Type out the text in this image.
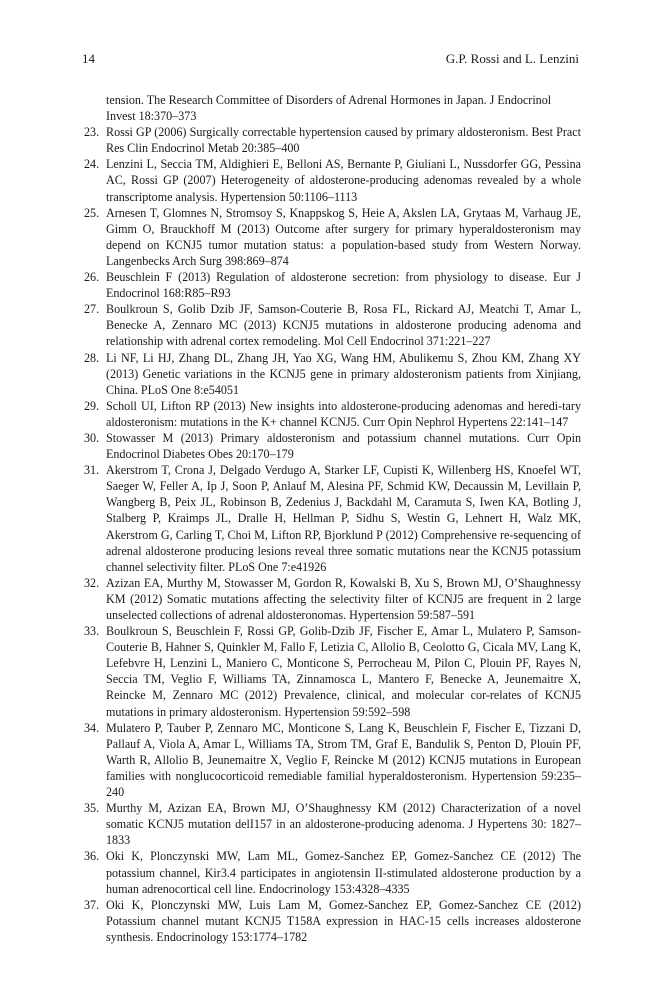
14	G.P. Rossi and L. Lenzini
tension. The Research Committee of Disorders of Adrenal Hormones in Japan. J Endocrinol Invest 18:370–373
23. Rossi GP (2006) Surgically correctable hypertension caused by primary aldosteronism. Best Pract Res Clin Endocrinol Metab 20:385–400
24. Lenzini L, Seccia TM, Aldighieri E, Belloni AS, Bernante P, Giuliani L, Nussdorfer GG, Pessina AC, Rossi GP (2007) Heterogeneity of aldosterone-producing adenomas revealed by a whole transcriptome analysis. Hypertension 50:1106–1113
25. Arnesen T, Glomnes N, Stromsoy S, Knappskog S, Heie A, Akslen LA, Grytaas M, Varhaug JE, Gimm O, Brauckhoff M (2013) Outcome after surgery for primary hyperaldosteronism may depend on KCNJ5 tumor mutation status: a population-based study from Western Norway. Langenbecks Arch Surg 398:869–874
26. Beuschlein F (2013) Regulation of aldosterone secretion: from physiology to disease. Eur J Endocrinol 168:R85–R93
27. Boulkroun S, Golib Dzib JF, Samson-Couterie B, Rosa FL, Rickard AJ, Meatchi T, Amar L, Benecke A, Zennaro MC (2013) KCNJ5 mutations in aldosterone producing adenoma and relationship with adrenal cortex remodeling. Mol Cell Endocrinol 371:221–227
28. Li NF, Li HJ, Zhang DL, Zhang JH, Yao XG, Wang HM, Abulikemu S, Zhou KM, Zhang XY (2013) Genetic variations in the KCNJ5 gene in primary aldosteronism patients from Xinjiang, China. PLoS One 8:e54051
29. Scholl UI, Lifton RP (2013) New insights into aldosterone-producing adenomas and heredi-tary aldosteronism: mutations in the K+ channel KCNJ5. Curr Opin Nephrol Hypertens 22:141–147
30. Stowasser M (2013) Primary aldosteronism and potassium channel mutations. Curr Opin Endocrinol Diabetes Obes 20:170–179
31. Akerstrom T, Crona J, Delgado Verdugo A, Starker LF, Cupisti K, Willenberg HS, Knoefel WT, Saeger W, Feller A, Ip J, Soon P, Anlauf M, Alesina PF, Schmid KW, Decaussin M, Levillain P, Wangberg B, Peix JL, Robinson B, Zedenius J, Backdahl M, Caramuta S, Iwen KA, Botling J, Stalberg P, Kraimps JL, Dralle H, Hellman P, Sidhu S, Westin G, Lehnert H, Walz MK, Akerstrom G, Carling T, Choi M, Lifton RP, Bjorklund P (2012) Comprehensive re-sequencing of adrenal aldosterone producing lesions reveal three somatic mutations near the KCNJ5 potassium channel selectivity filter. PLoS One 7:e41926
32. Azizan EA, Murthy M, Stowasser M, Gordon R, Kowalski B, Xu S, Brown MJ, O’Shaughnessy KM (2012) Somatic mutations affecting the selectivity filter of KCNJ5 are frequent in 2 large unselected collections of adrenal aldosteronomas. Hypertension 59:587–591
33. Boulkroun S, Beuschlein F, Rossi GP, Golib-Dzib JF, Fischer E, Amar L, Mulatero P, Samson-Couterie B, Hahner S, Quinkler M, Fallo F, Letizia C, Allolio B, Ceolotto G, Cicala MV, Lang K, Lefebvre H, Lenzini L, Maniero C, Monticone S, Perrocheau M, Pilon C, Plouin PF, Rayes N, Seccia TM, Veglio F, Williams TA, Zinnamosca L, Mantero F, Benecke A, Jeunemaitre X, Reincke M, Zennaro MC (2012) Prevalence, clinical, and molecular cor-relates of KCNJ5 mutations in primary aldosteronism. Hypertension 59:592–598
34. Mulatero P, Tauber P, Zennaro MC, Monticone S, Lang K, Beuschlein F, Fischer E, Tizzani D, Pallauf A, Viola A, Amar L, Williams TA, Strom TM, Graf E, Bandulik S, Penton D, Plouin PF, Warth R, Allolio B, Jeunemaitre X, Veglio F, Reincke M (2012) KCNJ5 mutations in European families with nonglucocorticoid remediable familial hyperaldosteronism. Hypertension 59:235–240
35. Murthy M, Azizan EA, Brown MJ, O’Shaughnessy KM (2012) Characterization of a novel somatic KCNJ5 mutation delI157 in an aldosterone-producing adenoma. J Hypertens 30: 1827–1833
36. Oki K, Plonczynski MW, Lam ML, Gomez-Sanchez EP, Gomez-Sanchez CE (2012) The potassium channel, Kir3.4 participates in angiotensin II-stimulated aldosterone production by a human adrenocortical cell line. Endocrinology 153:4328–4335
37. Oki K, Plonczynski MW, Luis Lam M, Gomez-Sanchez EP, Gomez-Sanchez CE (2012) Potassium channel mutant KCNJ5 T158A expression in HAC-15 cells increases aldosterone synthesis. Endocrinology 153:1774–1782
